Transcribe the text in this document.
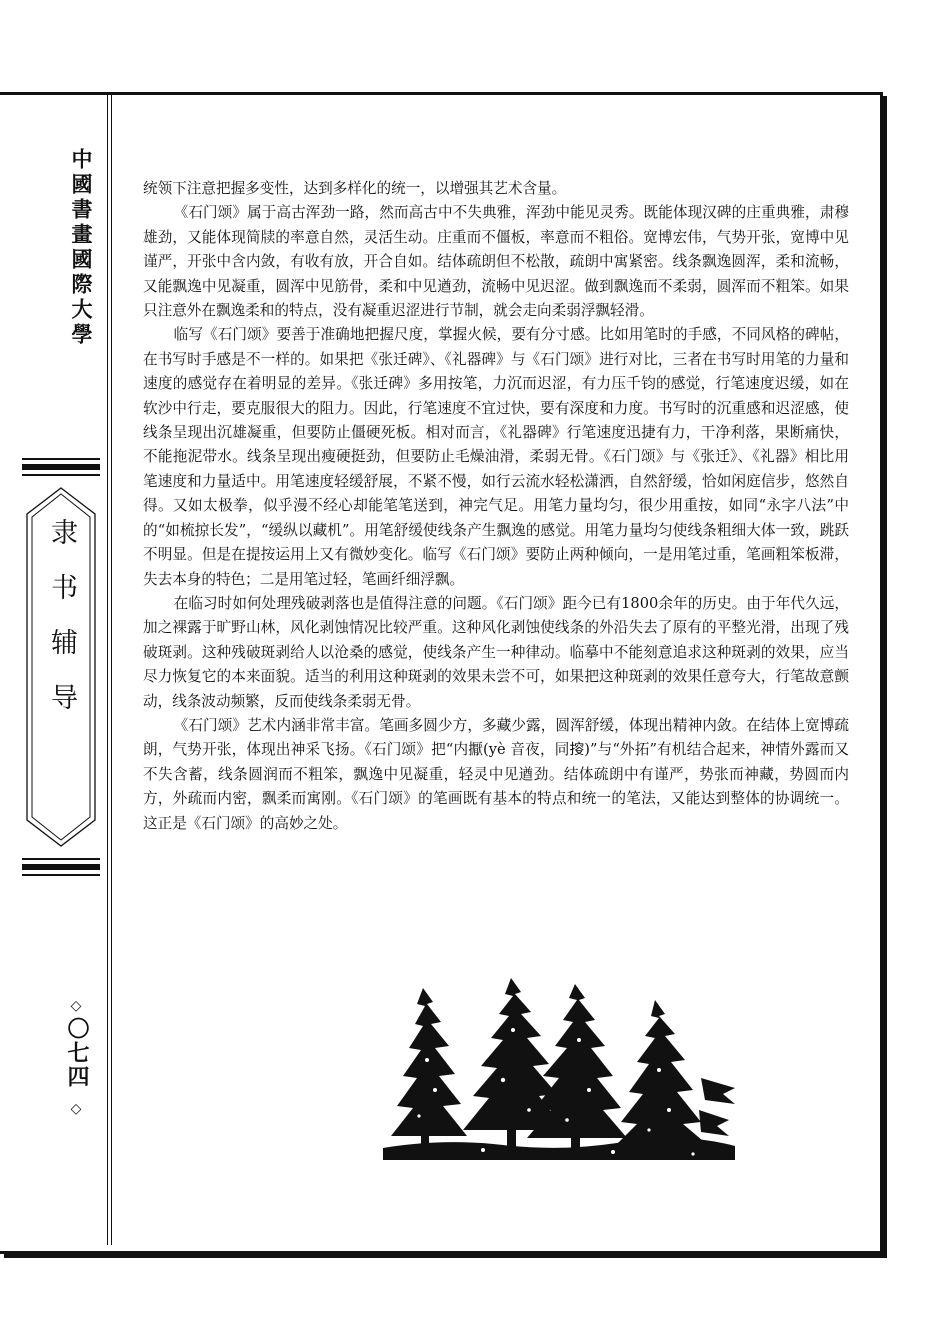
中國書畫國際大學
隶书辅导
◇
〇七四
◇

统领下注意把握多变性，达到多样化的统一，以增强其艺术含量。

《石门颂》属于高古浑劲一路，然而高古中不失典雅，浑劲中能见灵秀。既能体现汉碑的庄重典雅，肃穆雄劲，又能体现简牍的率意自然，灵活生动。庄重而不僵板，率意而不粗俗。宽博宏伟，气势开张，宽博中见谨严，开张中含内敛，有收有放，开合自如。结体疏朗但不松散，疏朗中寓紧密。线条飘逸圆浑，柔和流畅，又能飘逸中见凝重，圆浑中见筋骨，柔和中见遒劲，流畅中见迟涩。做到飘逸而不柔弱，圆浑而不粗笨。如果只注意外在飘逸柔和的特点，没有凝重迟涩进行节制，就会走向柔弱浮飘轻滑。

临写《石门颂》要善于准确地把握尺度，掌握火候，要有分寸感。比如用笔时的手感，不同风格的碑帖，在书写时手感是不一样的。如果把《张迁碑》、《礼器碑》与《石门颂》进行对比，三者在书写时用笔的力量和速度的感觉存在着明显的差异。《张迁碑》多用按笔，力沉而迟涩，有力压千钧的感觉，行笔速度迟缓，如在软沙中行走，要克服很大的阻力。因此，行笔速度不宜过快，要有深度和力度。书写时的沉重感和迟涩感，使线条呈现出沉雄凝重，但要防止僵硬死板。相对而言，《礼器碑》行笔速度迅捷有力，干净利落，果断痛快，不能拖泥带水。线条呈现出瘦硬挺劲，但要防止毛燥油滑，柔弱无骨。《石门颂》与《张迁》、《礼器》相比用笔速度和力量适中。用笔速度轻缓舒展，不紧不慢，如行云流水轻松潇洒，自然舒缓，恰如闲庭信步，悠然自得。又如太极拳，似乎漫不经心却能笔笔送到，神完气足。用笔力量均匀，很少用重按，如同“永字八法”中的“如梳掠长发”，“缓纵以藏机”。用笔舒缓使线条产生飘逸的感觉。用笔力量均匀使线条粗细大体一致，跳跃不明显。但是在提按运用上又有微妙变化。临写《石门颂》要防止两种倾向，一是用笔过重，笔画粗笨板滞，失去本身的特色；二是用笔过轻，笔画纤细浮飘。

在临习时如何处理残破剥落也是值得注意的问题。《石门颂》距今已有1800余年的历史。由于年代久远，加之裸露于旷野山林，风化剥蚀情况比较严重。这种风化剥蚀使线条的外沿失去了原有的平整光滑，出现了残破斑剥。这种残破斑剥给人以沧桑的感觉，使线条产生一种律动。临摹中不能刻意追求这种斑剥的效果，应当尽力恢复它的本来面貌。适当的利用这种斑剥的效果未尝不可，如果把这种斑剥的效果任意夸大，行笔故意颤动，线条波动频繁，反而使线条柔弱无骨。

《石门颂》艺术内涵非常丰富。笔画多圆少方，多藏少露，圆浑舒缓，体现出精神内敛。在结体上宽博疏朗，气势开张，体现出神采飞扬。《石门颂》把“内擫(yè 音夜，同𢯱)”与“外拓”有机结合起来，神情外露而又不失含蓄，线条圆润而不粗笨，飘逸中见凝重，轻灵中见遒劲。结体疏朗中有谨严，势张而神藏，势圆而内方，外疏而内密，飘柔而寓刚。《石门颂》的笔画既有基本的特点和统一的笔法，又能达到整体的协调统一。这正是《石门颂》的高妙之处。
